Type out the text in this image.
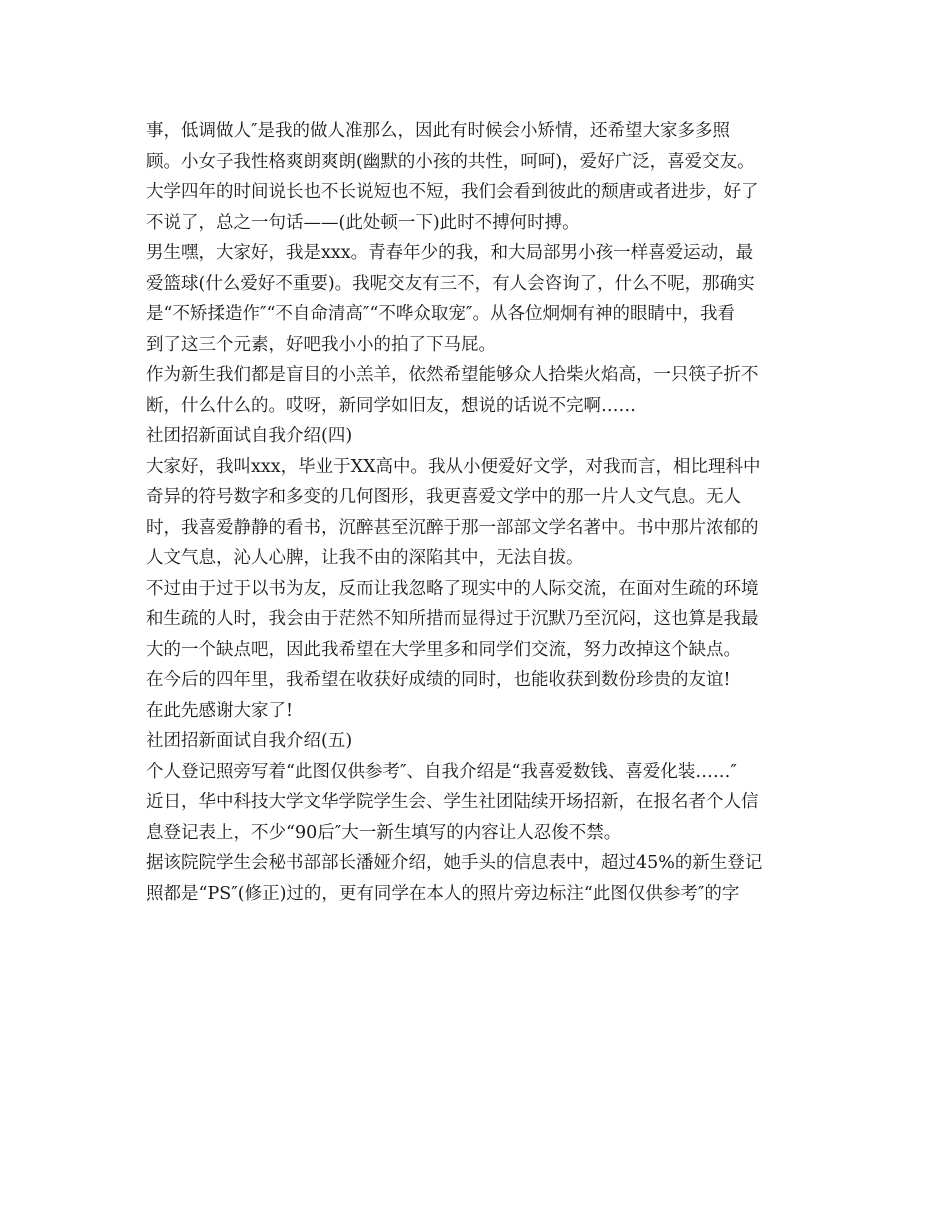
事，低调做人″是我的做人准那么，因此有时候会小矫情，还希望大家多多照

顾。小女子我性格爽朗爽朗(幽默的小孩的共性，呵呵)，爱好广泛，喜爱交友。

大学四年的时间说长也不长说短也不短，我们会看到彼此的颓唐或者进步，好了

不说了，总之一句话——(此处顿一下)此时不搏何时搏。

男生嘿，大家好，我是xxx。青春年少的我，和大局部男小孩一样喜爱运动，最

爱篮球(什么爱好不重要)。我呢交友有三不，有人会咨询了，什么不呢，那确实

是“不矫揉造作″“不自命清高″“不哗众取宠″。从各位炯炯有神的眼睛中，我看

到了这三个元素，好吧我小小的拍了下马屁。

作为新生我们都是盲目的小羔羊，依然希望能够众人拾柴火焰高，一只筷子折不

断，什么什么的。哎呀，新同学如旧友，想说的话说不完啊……

社团招新面试自我介绍(四)

大家好，我叫xxx，毕业于XX高中。我从小便爱好文学，对我而言，相比理科中

奇异的符号数字和多变的几何图形，我更喜爱文学中的那一片人文气息。无人

时，我喜爱静静的看书，沉醉甚至沉醉于那一部部文学名著中。书中那片浓郁的

人文气息，沁人心脾，让我不由的深陷其中，无法自拔。

不过由于过于以书为友，反而让我忽略了现实中的人际交流，在面对生疏的环境

和生疏的人时，我会由于茫然不知所措而显得过于沉默乃至沉闷，这也算是我最

大的一个缺点吧，因此我希望在大学里多和同学们交流，努力改掉这个缺点。

在今后的四年里，我希望在收获好成绩的同时，也能收获到数份珍贵的友谊!

在此先感谢大家了!

社团招新面试自我介绍(五)

个人登记照旁写着“此图仅供参考″、自我介绍是“我喜爱数钱、喜爱化装……″

近日，华中科技大学文华学院学生会、学生社团陆续开场招新，在报名者个人信

息登记表上，不少“90后″大一新生填写的内容让人忍俊不禁。

据该院院学生会秘书部部长潘娅介绍，她手头的信息表中，超过45%的新生登记

照都是“PS″(修正)过的，更有同学在本人的照片旁边标注“此图仅供参考″的字
